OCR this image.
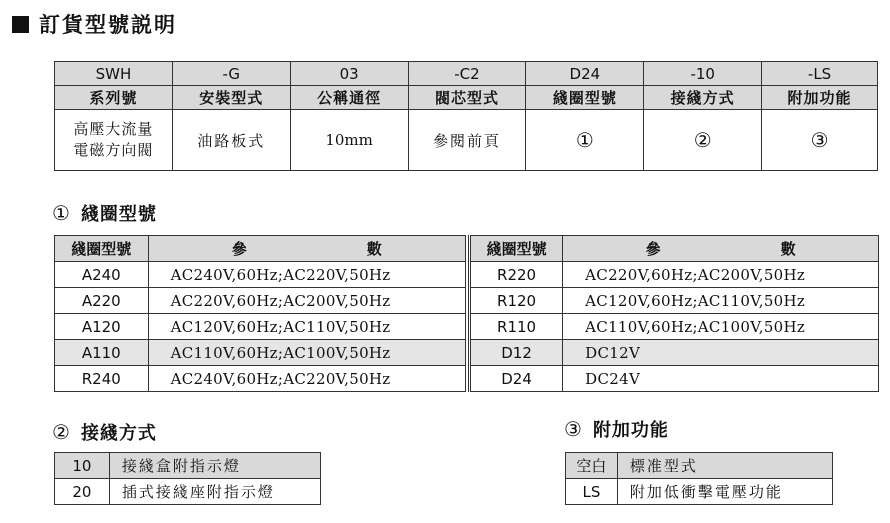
訂貨型號説明
SWH	-G	03	-C2	D24	-10	-LS
系列號	安裝型式	公稱通徑	閥芯型式	綫圈型號	接綫方式	附加功能

高壓大流量
電磁方向閥	油路板式	10mm	參閱前頁	①	②	③
① 綫圈型號
綫圈型號	參 數
A240	AC240V,60Hz;AC220V,50Hz
A220	AC220V,60Hz;AC200V,50Hz
A120	AC120V,60Hz;AC110V,50Hz
A110	AC110V,60Hz;AC100V,50Hz
R240	AC240V,60Hz;AC220V,50Hz
綫圈型號	參 數
R220	AC220V,60Hz;AC200V,50Hz
R120	AC120V,60Hz;AC110V,50Hz
R110	AC110V,60Hz;AC100V,50Hz
D12	DC12V
D24	DC24V
② 接綫方式
10	接綫盒附指示燈
20	插式接綫座附指示燈
③ 附加功能
空白	標准型式
LS	附加低衝擊電壓功能
